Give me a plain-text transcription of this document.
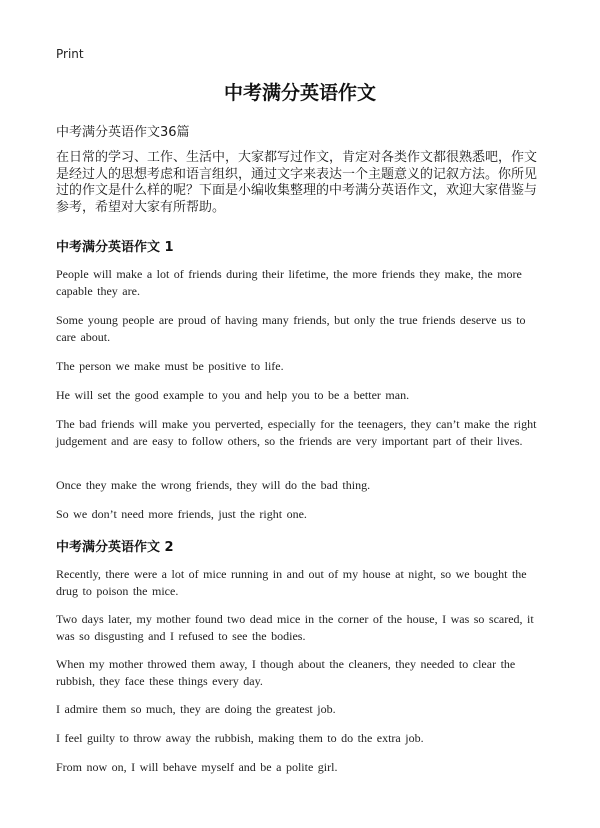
Print
中考满分英语作文
中考满分英语作文36篇

在日常的学习、工作、生活中，大家都写过作文，肯定对各类作文都很熟悉吧，作文是经过人的思想考虑和语言组织，通过文字来表达一个主题意义的记叙方法。你所见过的作文是什么样的呢？下面是小编收集整理的中考满分英语作文，欢迎大家借鉴与参考，希望对大家有所帮助。

中考满分英语作文 1

People will make a lot of friends during their lifetime, the more friends they make, the more capable they are.

Some young people are proud of having many friends, but only the true friends deserve us to care about.

The person we make must be positive to life.

He will set the good example to you and help you to be a better man.

The bad friends will make you perverted, especially for the teenagers, they can’t make the right judgement and are easy to follow others, so the friends are very important part of their lives.

Once they make the wrong friends, they will do the bad thing.

So we don’t need more friends, just the right one.

中考满分英语作文 2

Recently, there were a lot of mice running in and out of my house at night, so we bought the drug to poison the mice.

Two days later, my mother found two dead mice in the corner of the house, I was so scared, it was so disgusting and I refused to see the bodies.

When my mother throwed them away, I though about the cleaners, they needed to clear the rubbish, they face these things every day.

I admire them so much, they are doing the greatest job.

I feel guilty to throw away the rubbish, making them to do the extra job.

From now on, I will behave myself and be a polite girl.
